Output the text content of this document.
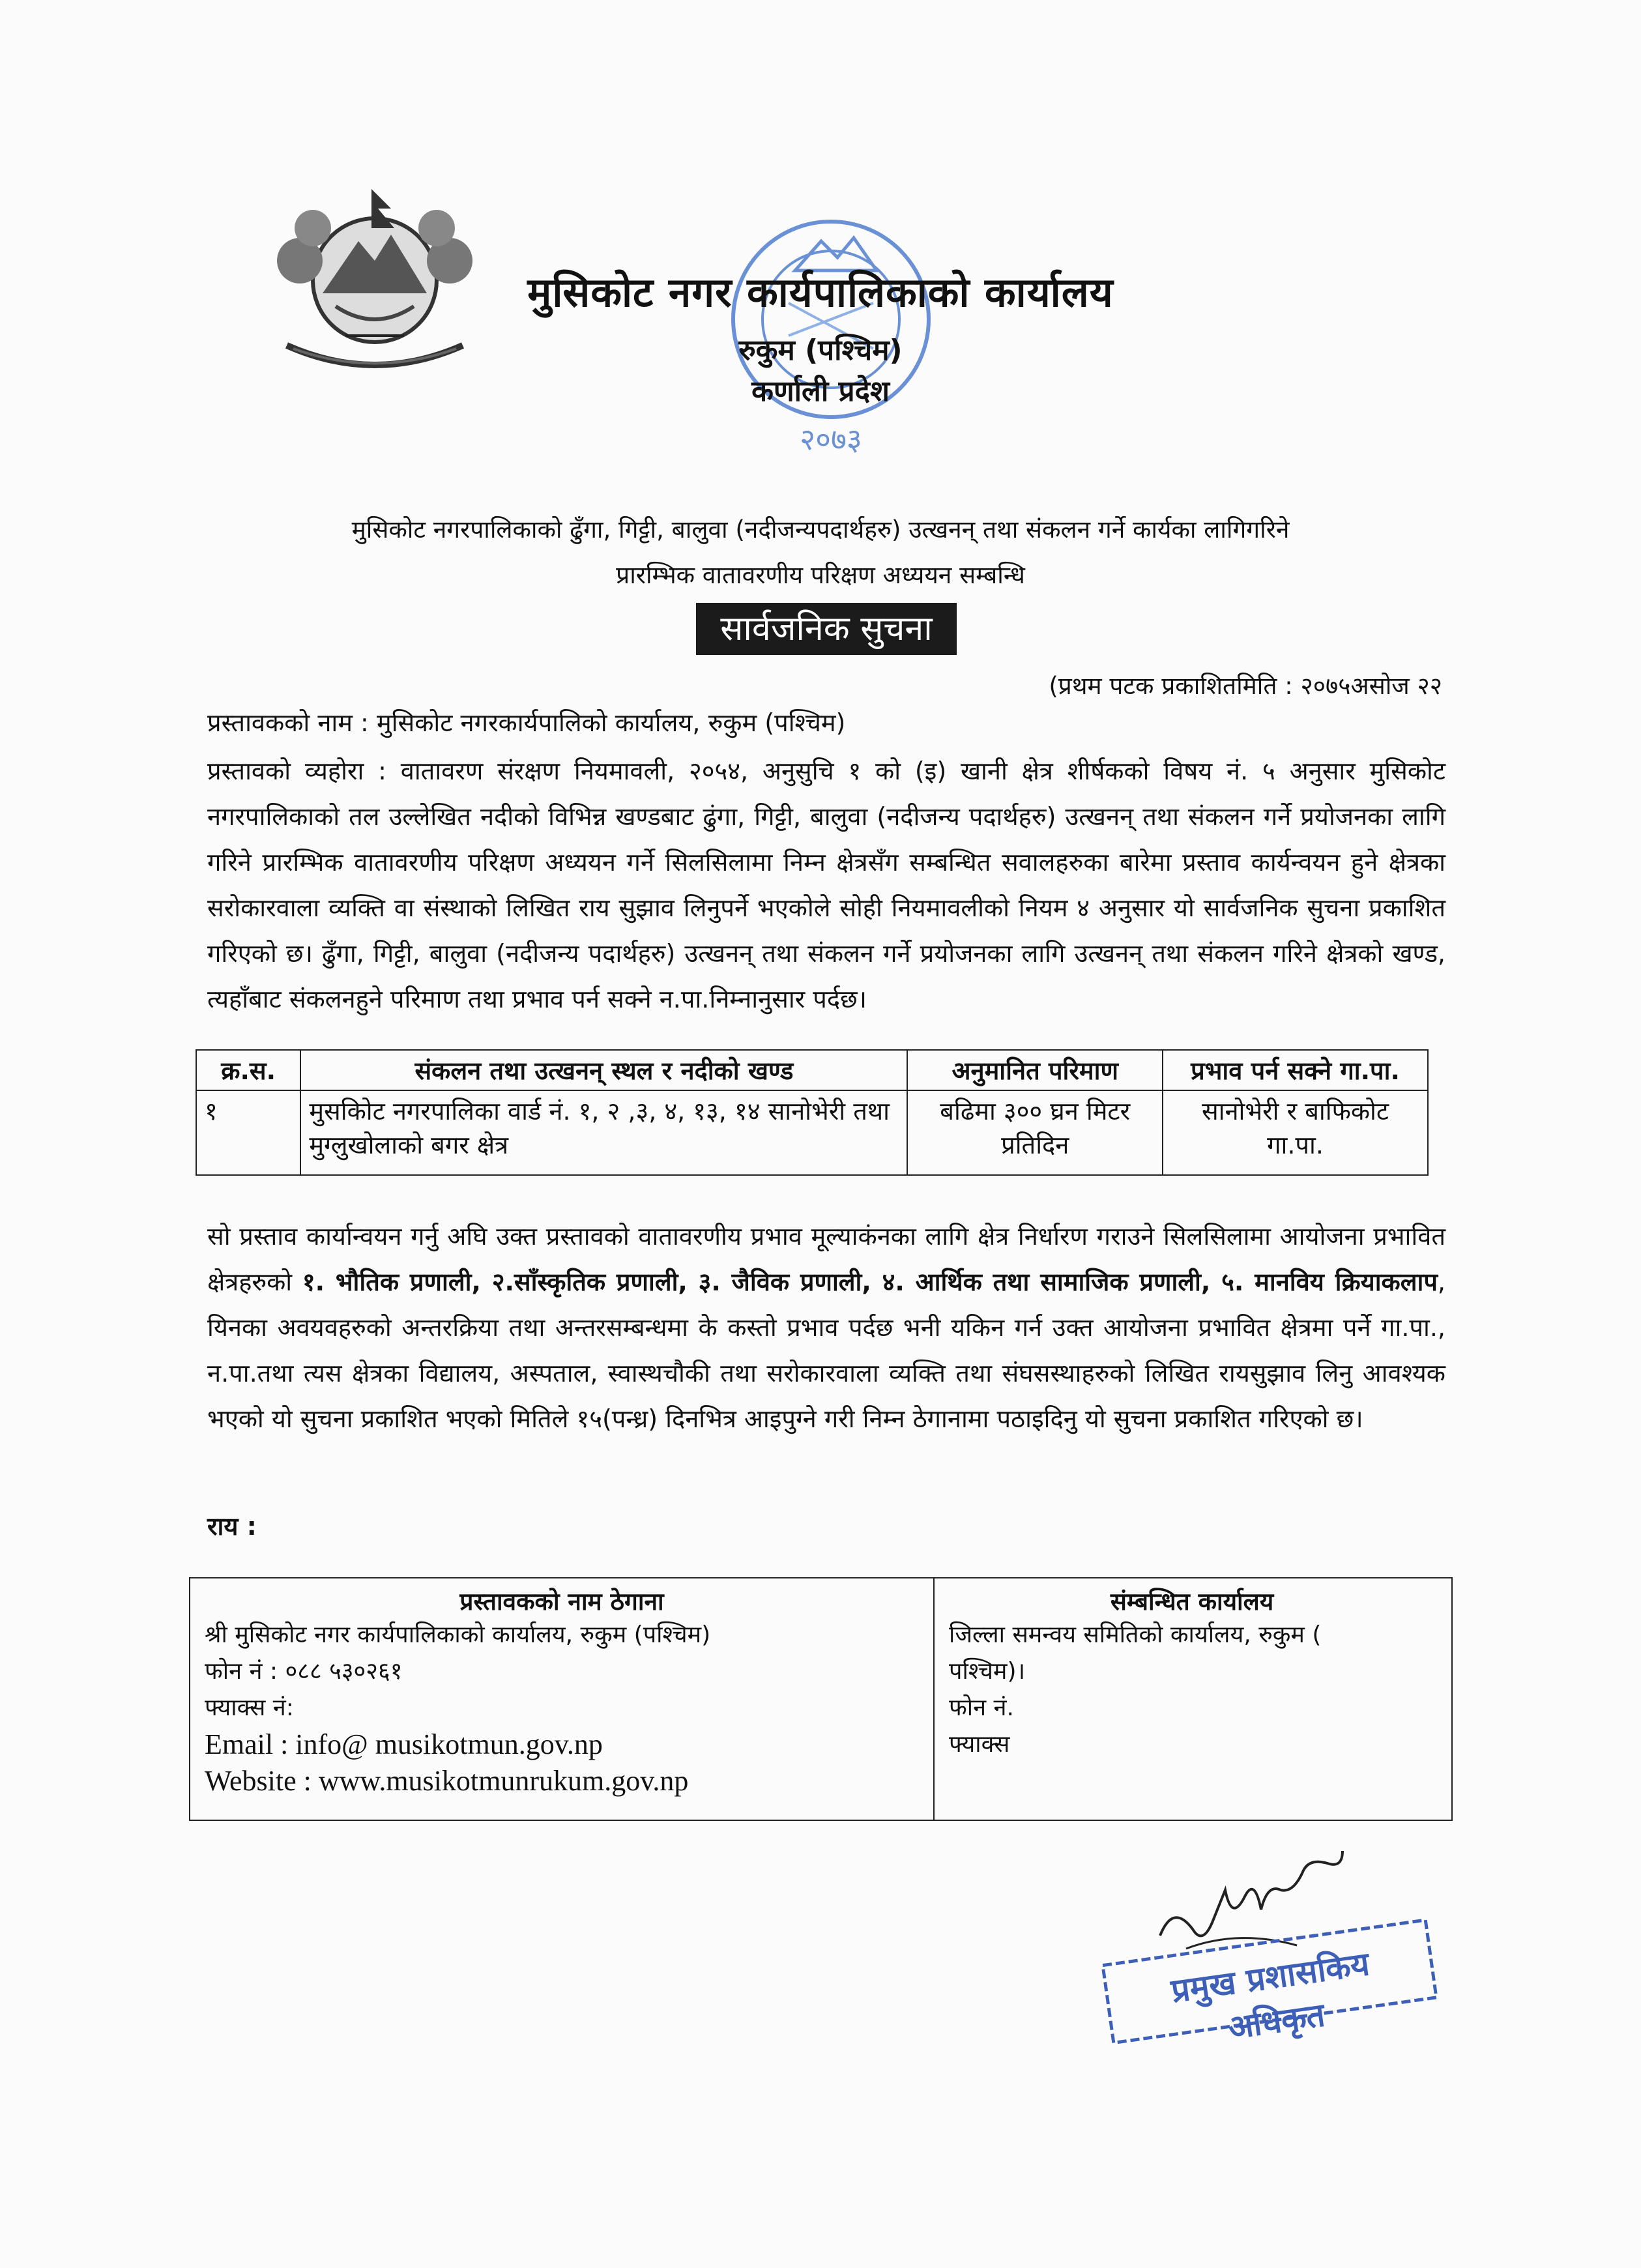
२०७३
मुसिकोट नगर कार्यपालिकाको कार्यालय
रुकुम (पश्चिम)
कर्णाली प्रदेश
मुसिकोट नगरपालिकाको ढुँगा, गिट्टी, बालुवा (नदीजन्यपदार्थहरु) उत्खनन् तथा संकलन गर्ने कार्यका लागिगरिने
प्रारम्भिक वातावरणीय परिक्षण अध्ययन सम्बन्धि
सार्वजनिक सुचना
(प्रथम पटक प्रकाशितमिति : २०७५असोज २२
प्रस्तावकको नाम : मुसिकोट नगरकार्यपालिको कार्यालय, रुकुम (पश्चिम)
प्रस्तावको व्यहोरा : वातावरण संरक्षण नियमावली, २०५४, अनुसुचि १ को (इ) खानी क्षेत्र शीर्षकको विषय नं. ५ अनुसार मुसिकोट नगरपालिकाको तल उल्लेखित नदीको विभिन्न खण्डबाट ढुंगा, गिट्टी, बालुवा (नदीजन्य पदार्थहरु) उत्खनन् तथा संकलन गर्ने प्रयोजनका लागि गरिने प्रारम्भिक वातावरणीय परिक्षण अध्ययन गर्ने सिलसिलामा निम्न क्षेत्रसँग सम्बन्धित सवालहरुका बारेमा प्रस्ताव कार्यन्वयन हुने क्षेत्रका सरोकारवाला व्यक्ति वा संस्थाको लिखित राय सुझाव लिनुपर्ने भएकोले सोही नियमावलीको नियम ४ अनुसार यो सार्वजनिक सुचना प्रकाशित गरिएको छ। ढुँगा, गिट्टी, बालुवा (नदीजन्य पदार्थहरु) उत्खनन् तथा संकलन गर्ने प्रयोजनका लागि उत्खनन् तथा संकलन गरिने क्षेत्रको खण्ड, त्यहाँबाट संकलनहुने परिमाण तथा प्रभाव पर्न सक्ने न.पा.निम्नानुसार पर्दछ।
क्र.स.	संकलन तथा उत्खनन् स्थल र नदीको खण्ड	अनुमानित परिमाण	प्रभाव पर्न सक्ने गा.पा.
१	मुसकिोट नगरपालिका वार्ड नं. १, २ ,३, ४, १३, १४ सानोभेरी तथा मुग्लुखोलाको बगर क्षेत्र	बढिमा ३०० घ्रन मिटर प्रतिदिन	सानोभेरी र बाफिकोट गा.पा.
सो प्रस्ताव कार्यान्वयन गर्नु अघि उक्त प्रस्तावको वातावरणीय प्रभाव मूल्याकंनका लागि क्षेत्र निर्धारण गराउने सिलसिलामा आयोजना प्रभावित क्षेत्रहरुको १. भौतिक प्रणाली, २.साँस्कृतिक प्रणाली, ३. जैविक प्रणाली, ४. आर्थिक तथा सामाजिक प्रणाली, ५. मानविय क्रियाकलाप, यिनका अवयवहरुको अन्तरक्रिया तथा अन्तरसम्बन्धमा के कस्तो प्रभाव पर्दछ भनी यकिन गर्न उक्त आयोजना प्रभावित क्षेत्रमा पर्ने गा.पा., न.पा.तथा त्यस क्षेत्रका विद्यालय, अस्पताल, स्वास्थचौकी तथा सरोकारवाला व्यक्ति तथा संघसस्थाहरुको लिखित रायसुझाव लिनु आवश्यक भएको यो सुचना प्रकाशित भएको मितिले १५(पन्ध्र) दिनभित्र आइपुग्ने गरी निम्न ठेगानामा पठाइदिनु यो सुचना प्रकाशित गरिएको छ।
राय :
प्रस्तावकको नाम ठेगाना
श्री मुसिकोट नगर कार्यपालिकाको कार्यालय, रुकुम (पश्चिम)
फोन नं : ०८८ ५३०२६१
फ्याक्स नं:
Email : info@ musikotmun.gov.np
Website : www.musikotmunrukum.gov.np
संम्बन्धित कार्यालय
जिल्ला समन्वय समितिको कार्यालय, रुकुम (
पश्चिम)।
फोन नं.
फ्याक्स
प्रमुख प्रशासकिय अधिकृत
